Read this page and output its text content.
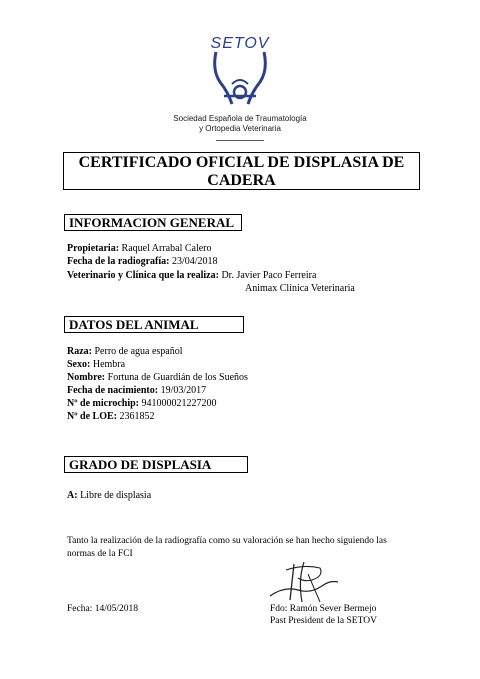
SETOV
Sociedad Española de Traumatología
y Ortopedia Veterinaria
CERTIFICADO OFICIAL DE DISPLASIA DE
CADERA
INFORMACION GENERAL
Propietaria: Raquel Arrabal Calero
Fecha de la radiografía: 23/04/2018
Veterinario y Clínica que la realiza: Dr. Javier Paco Ferreira
Animax Clínica Veterinaria
DATOS DEL ANIMAL
Raza: Perro de agua español
Sexo: Hembra
Nombre: Fortuna de Guardián de los Sueños
Fecha de nacimiento: 19/03/2017
Nº de microchip: 941000021227200
Nº de LOE: 2361852
GRADO DE DISPLASIA
A: Libre de displasia
Tanto la realización de la radiografía como su valoración se han hecho siguiendo las
normas de la FCI
Fecha: 14/05/2018	Fdo: Ramón Sever Bermejo
Past President de la SETOV
